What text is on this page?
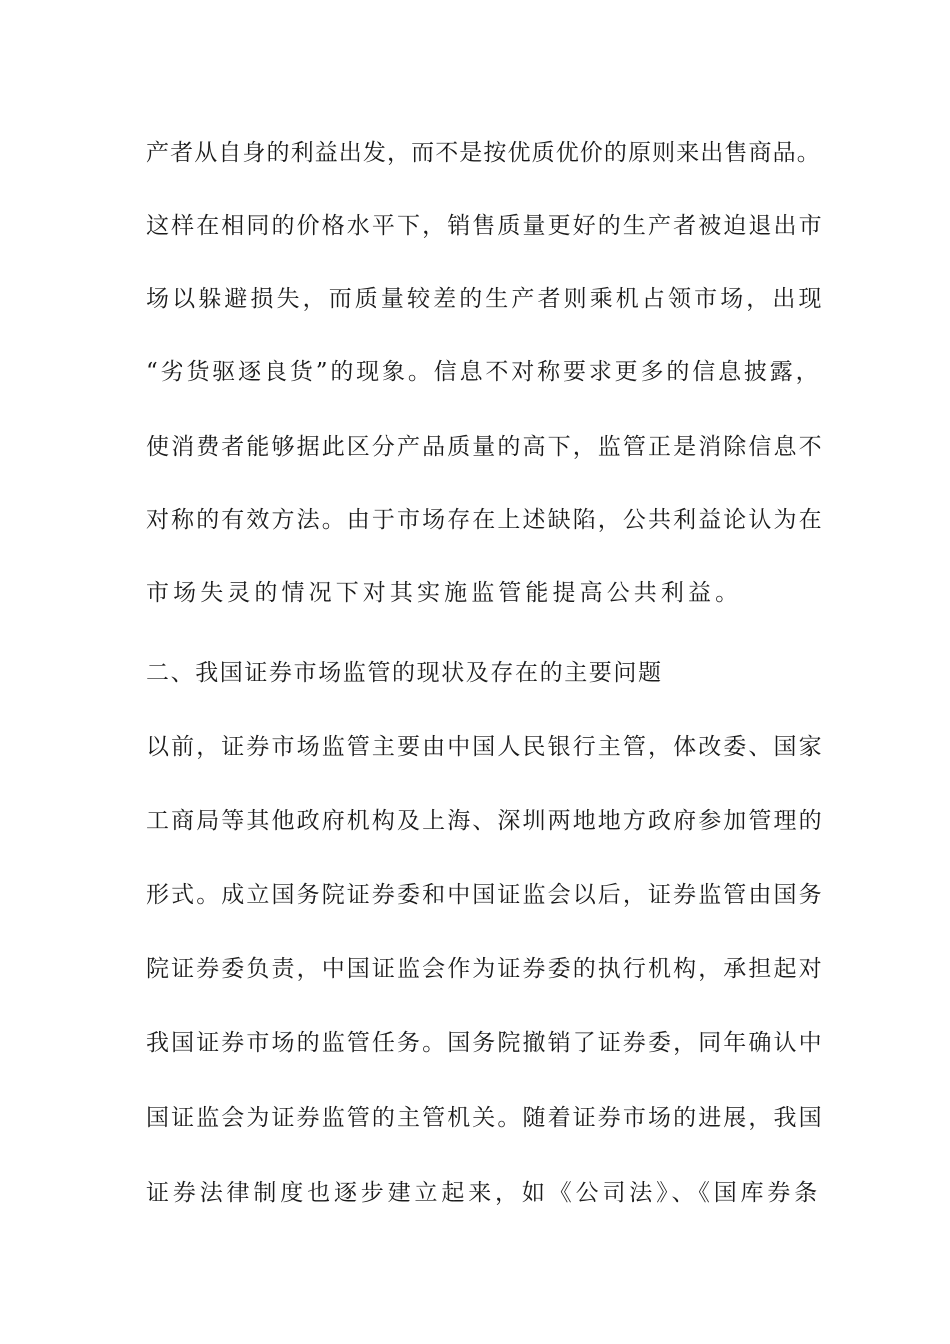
产者从自身的利益出发，而不是按优质优价的原则来出售商品。
这样在相同的价格水平下，销售质量更好的生产者被迫退出市
场以躲避损失，而质量较差的生产者则乘机占领市场，出现
“劣货驱逐良货”的现象。信息不对称要求更多的信息披露，
使消费者能够据此区分产品质量的高下，监管正是消除信息不
对称的有效方法。由于市场存在上述缺陷，公共利益论认为在
市场失灵的情况下对其实施监管能提高公共利益。
二、我国证券市场监管的现状及存在的主要问题
以前，证券市场监管主要由中国人民银行主管，体改委、国家
工商局等其他政府机构及上海、深圳两地地方政府参加管理的
形式。成立国务院证券委和中国证监会以后，证券监管由国务
院证券委负责，中国证监会作为证券委的执行机构，承担起对
我国证券市场的监管任务。国务院撤销了证券委，同年确认中
国证监会为证券监管的主管机关。随着证券市场的进展，我国
证券法律制度也逐步建立起来，如《公司法》、《国库券条
